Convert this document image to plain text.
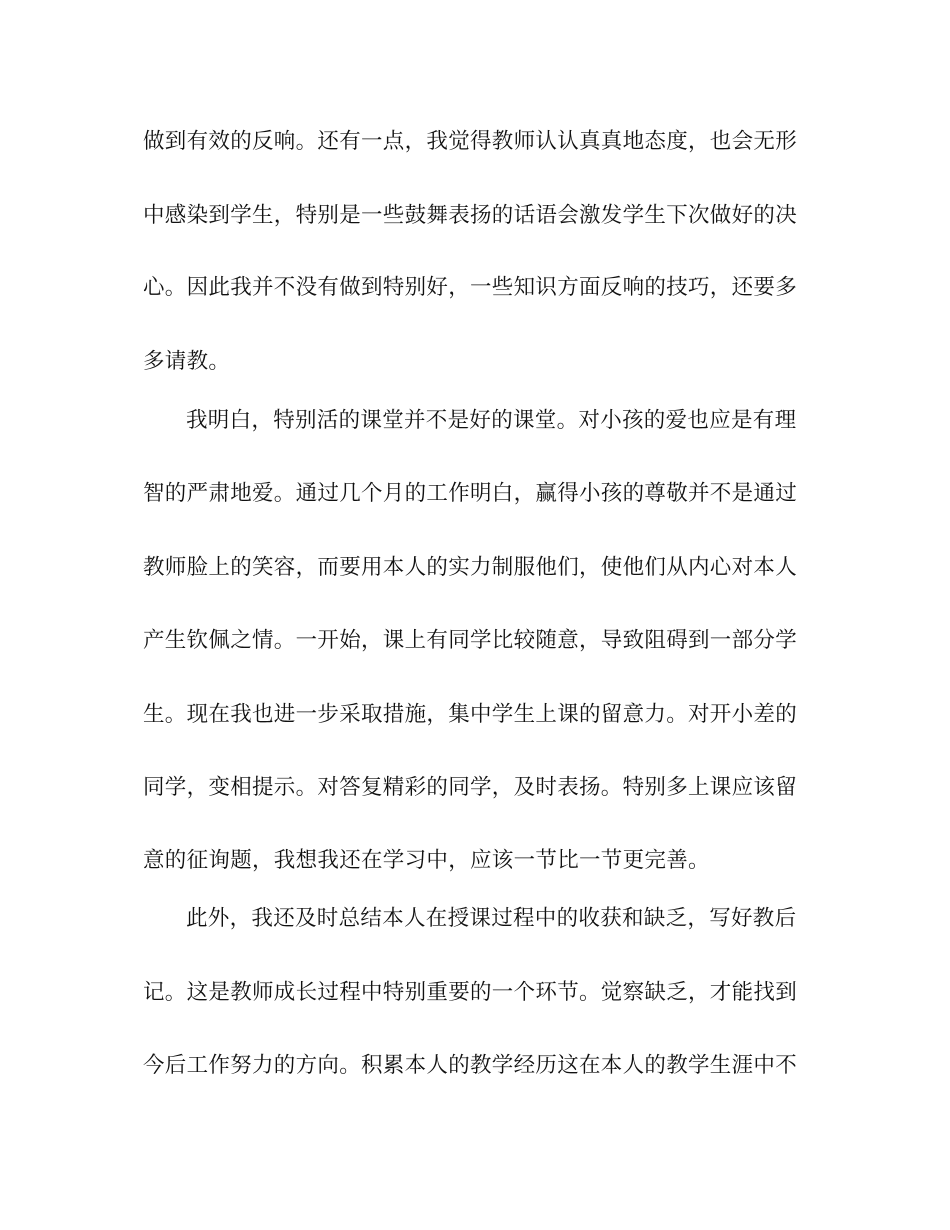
做到有效的反响。还有一点，我觉得教师认认真真地态度，也会无形
中感染到学生，特别是一些鼓舞表扬的话语会激发学生下次做好的决
心。因此我并不没有做到特别好，一些知识方面反响的技巧，还要多
多请教。
我明白，特别活的课堂并不是好的课堂。对小孩的爱也应是有理
智的严肃地爱。通过几个月的工作明白，赢得小孩的尊敬并不是通过
教师脸上的笑容，而要用本人的实力制服他们，使他们从内心对本人
产生钦佩之情。一开始，课上有同学比较随意，导致阻碍到一部分学
生。现在我也进一步采取措施，集中学生上课的留意力。对开小差的
同学，变相提示。对答复精彩的同学，及时表扬。特别多上课应该留
意的征询题，我想我还在学习中，应该一节比一节更完善。
此外，我还及时总结本人在授课过程中的收获和缺乏，写好教后
记。这是教师成长过程中特别重要的一个环节。觉察缺乏，才能找到
今后工作努力的方向。积累本人的教学经历这在本人的教学生涯中不
